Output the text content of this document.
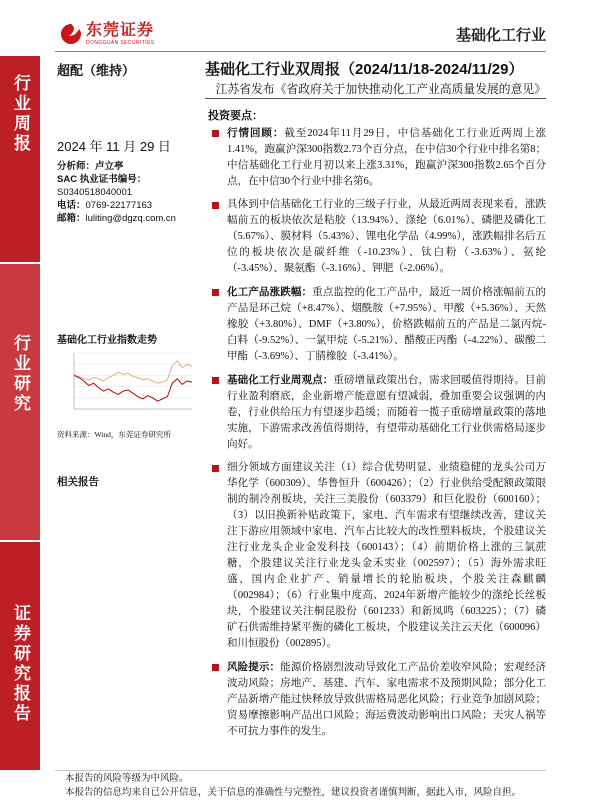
东莞证券
DONGGUAN SECURITIES	基础化工行业
行业周报
行业研究
证券研究报告
超配（维持）
2024 年 11 月 29 日
分析师：卢立亭
SAC 执业证书编号：
S0340518040001
电话：0769-22177163
邮箱：luliting@dgzq.com.cn
基础化工行业指数走势
资料来源：Wind，东莞证券研究所
相关报告
基础化工行业双周报（2024/11/18-2024/11/29）
江苏省发布《省政府关于加快推动化工产业高质量发展的意见》
投资要点：

行情回顾：截至2024年11月29日，中信基础化工行业近两周上涨1.41%，跑赢沪深300指数2.73个百分点，在中信30个行业中排名第8；中信基础化工行业月初以来上涨3.31%，跑赢沪深300指数2.65个百分点，在中信30个行业中排名第6。

具体到中信基础化工行业的三级子行业，从最近两周表现来看，涨跌幅前五的板块依次是粘胶（13.94%）、涤纶（6.01%）、磷肥及磷化工（5.67%）、膜材料（5.43%）、锂电化学品（4.99%），涨跌幅排名后五位的板块依次是碳纤维（-10.23%）、钛白粉（-3.63%）、氨纶（-3.45%）、聚氨酯（-3.16%）、钾肥（-2.06%）。

化工产品涨跌幅：重点监控的化工产品中，最近一周价格涨幅前五的产品是环己烷（+8.47%）、烟酰胺（+7.95%）、甲酸（+5.36%）、天然橡胶（+3.80%）、DMF（+3.80%），价格跌幅前五的产品是二氯丙烷-白料（-9.52%）、一氯甲烷（-5.21%）、醋酸正丙酯（-4.22%）、碳酸二甲酯（-3.69%）、丁腈橡胶（-3.41%）。

基础化工行业周观点：重磅增量政策出台，需求回暖值得期待。目前行业盈利磨底，企业新增产能意愿有望减弱，叠加重要会议强调的内卷，行业供给压力有望逐步趋缓；而随着一揽子重磅增量政策的落地实施，下游需求改善值得期待，有望带动基础化工行业供需格局逐步向好。

细分领域方面建议关注（1）综合优势明显、业绩稳健的龙头公司万华化学（600309）、华鲁恒升（600426）；（2）行业供给受配额政策限制的制冷剂板块，关注三美股份（603379）和巨化股份（600160）；（3）以旧换新补贴政策下，家电、汽车需求有望继续改善，建议关注下游应用领域中家电、汽车占比较大的改性塑料板块，个股建议关注行业龙头企业金发科技（600143）；（4）前期价格上涨的三氯蔗糖，个股建议关注行业龙头金禾实业（002597）；（5）海外需求旺盛，国内企业扩产、销量增长的轮胎板块，个股关注森麒麟（002984）；（6）行业集中度高、2024年新增产能较少的涤纶长丝板块，个股建议关注桐昆股份（601233）和新凤鸣（603225）；（7）磷矿石供需维持紧平衡的磷化工板块，个股建议关注云天化（600096）和川恒股份（002895）。

风险提示：能源价格剧烈波动导致化工产品价差收窄风险；宏观经济波动风险；房地产、基建、汽车、家电需求不及预期风险；部分化工产品新增产能过快释放导致供需格局恶化风险；行业竞争加剧风险；贸易摩擦影响产品出口风险；海运费波动影响出口风险；天灾人祸等不可抗力事件的发生。

本报告的风险等级为中风险。
本报告的信息均来自已公开信息，关于信息的准确性与完整性，建议投资者谨慎判断，据此入市，风险自担。
